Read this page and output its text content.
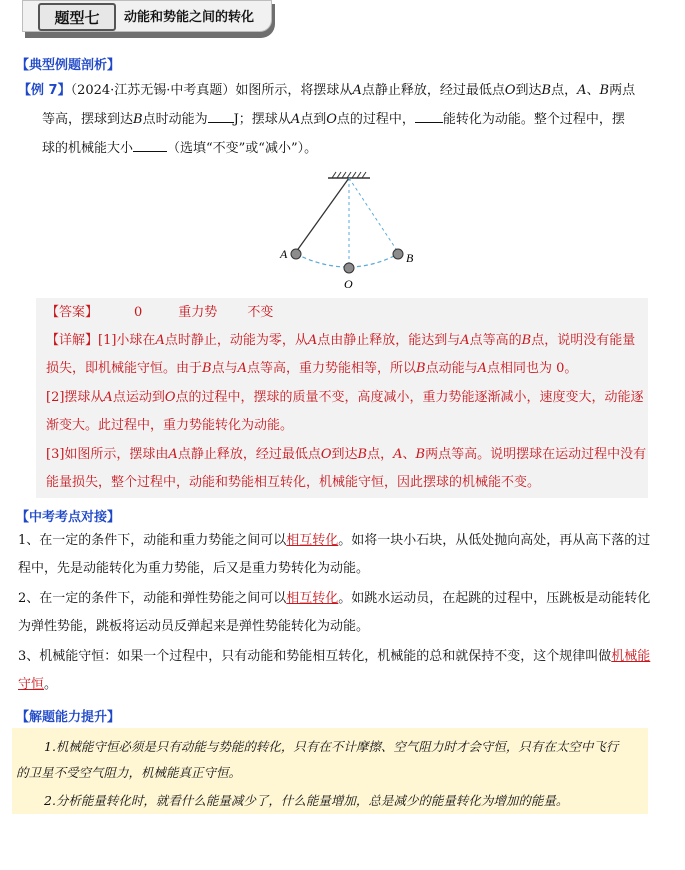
题型七	动能和势能之间的转化
【典型例题剖析】
【例 7】（2024·江苏无锡·中考真题）如图所示，将摆球从A点静止释放，经过最低点O到达B点，A、B两点
等高，摆球到达B点时动能为 J；摆球从A点到O点的过程中， 能转化为动能。整个过程中，摆
球的机械能大小	（选填“不变”或“减小”）。
A	B
O
【答案】	0	重力势 不变
【详解】[1]小球在A点时静止，动能为零，从A点由静止释放，能达到与A点等高的B点，说明没有能量
损失，即机械能守恒。由于B点与A点等高，重力势能相等，所以B点动能与A点相同也为 0。
[2]摆球从A点运动到O点的过程中，摆球的质量不变，高度减小，重力势能逐渐减小，速度变大，动能逐
渐变大。此过程中，重力势能转化为动能。
[3]如图所示，摆球由A点静止释放，经过最低点O到达B点，A、B两点等高。说明摆球在运动过程中没有
能量损失，整个过程中，动能和势能相互转化，机械能守恒，因此摆球的机械能不变。
【中考考点对接】
1、在一定的条件下，动能和重力势能之间可以相互转化。如将一块小石块，从低处抛向高处，再从高下落的过
程中，先是动能转化为重力势能，后又是重力势转化为动能。
2、在一定的条件下，动能和弹性势能之间可以相互转化。如跳水运动员，在起跳的过程中，压跳板是动能转化
为弹性势能，跳板将运动员反弹起来是弹性势能转化为动能。
3、机械能守恒：如果一个过程中，只有动能和势能相互转化，机械能的总和就保持不变，这个规律叫做机械能
守恒。
【解题能力提升】
1.机械能守恒必须是只有动能与势能的转化，只有在不计摩擦、空气阻力时才会守恒，只有在太空中飞行
的卫星不受空气阻力，机械能真正守恒。
2.分析能量转化时，就看什么能量减少了，什么能量增加，总是减少的能量转化为增加的能量。
